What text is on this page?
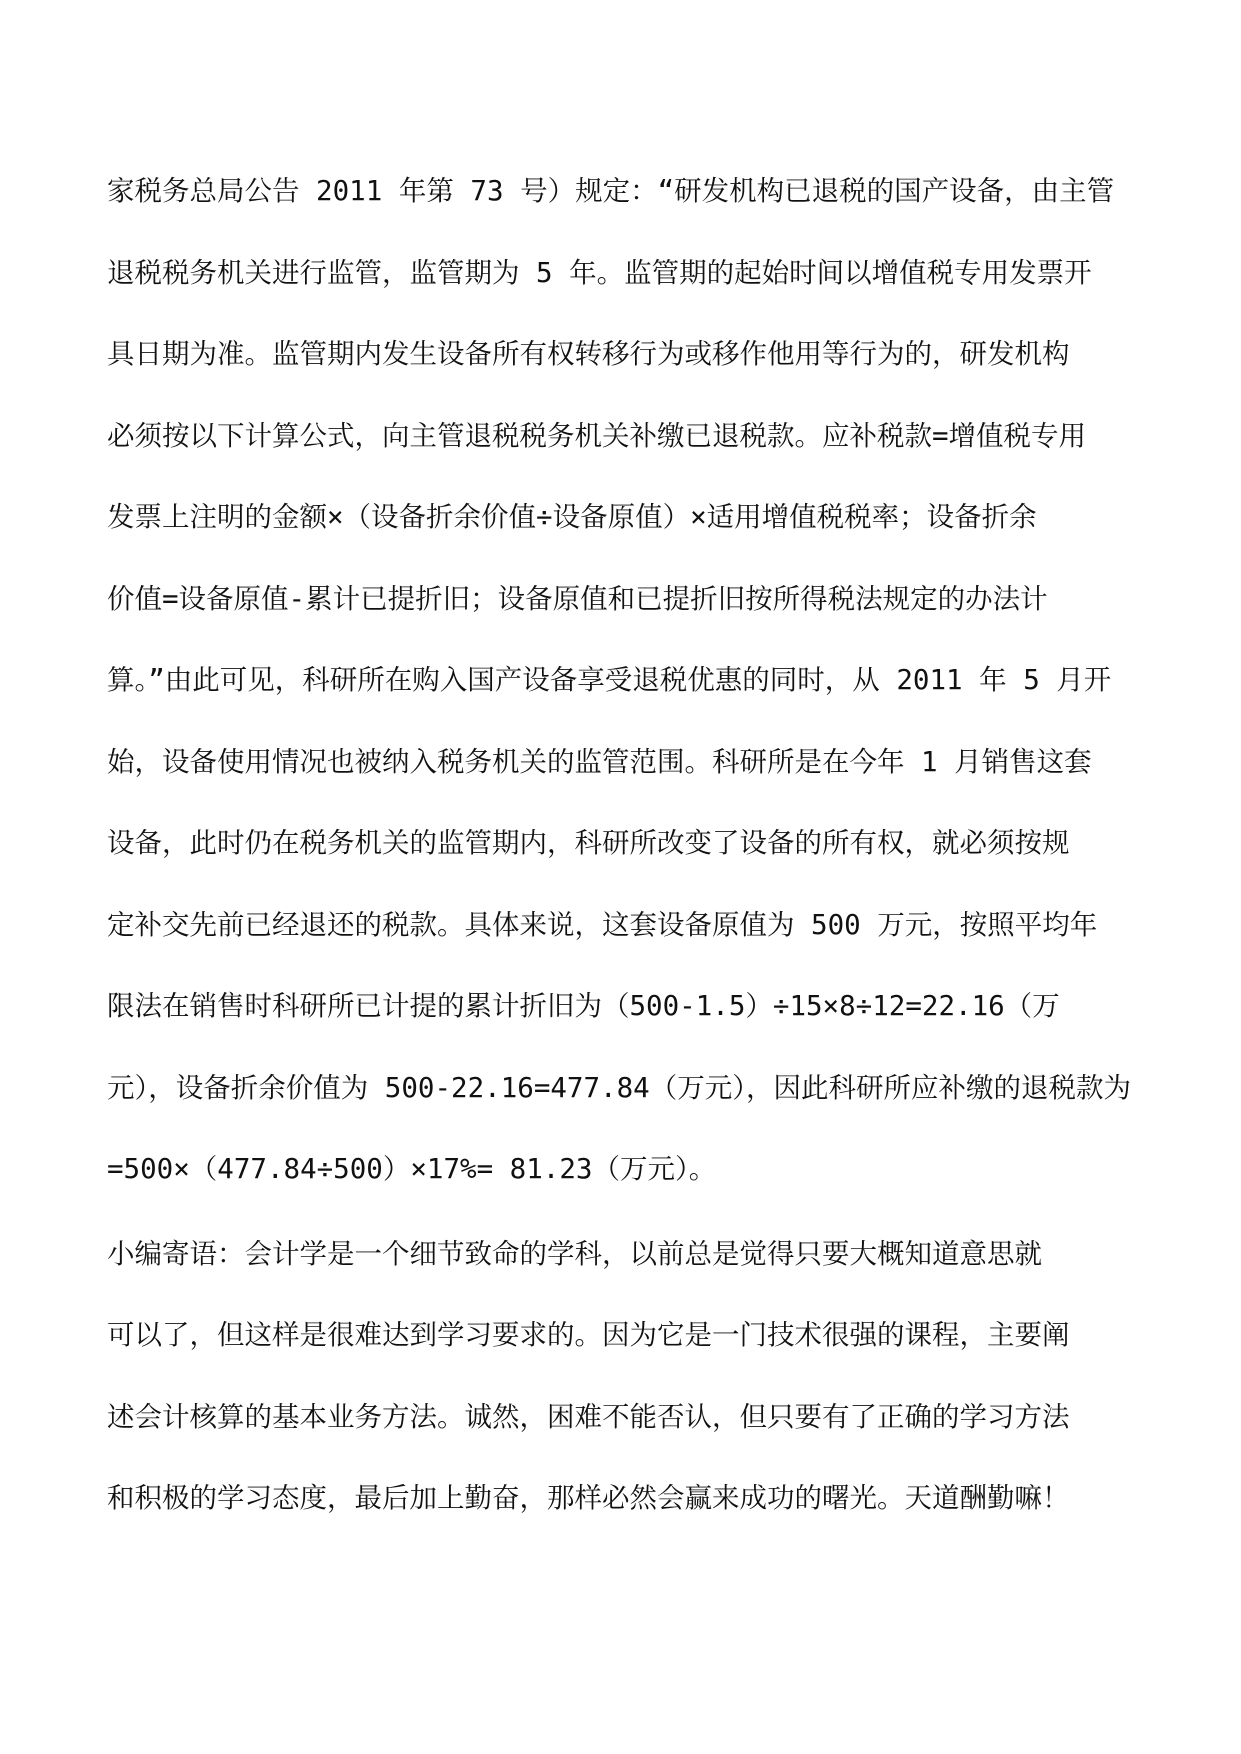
家税务总局公告 2011 年第 73 号）规定：“研发机构已退税的国产设备，由主管
退税税务机关进行监管，监管期为 5 年。监管期的起始时间以增值税专用发票开
具日期为准。监管期内发生设备所有权转移行为或移作他用等行为的，研发机构
必须按以下计算公式，向主管退税税务机关补缴已退税款。应补税款=增值税专用
发票上注明的金额×（设备折余价值÷设备原值）×适用增值税税率；设备折余
价值=设备原值-累计已提折旧；设备原值和已提折旧按所得税法规定的办法计
算。”由此可见，科研所在购入国产设备享受退税优惠的同时，从 2011 年 5 月开
始，设备使用情况也被纳入税务机关的监管范围。科研所是在今年 1 月销售这套
设备，此时仍在税务机关的监管期内，科研所改变了设备的所有权，就必须按规
定补交先前已经退还的税款。具体来说，这套设备原值为 500 万元，按照平均年
限法在销售时科研所已计提的累计折旧为（500-1.5）÷15×8÷12=22.16（万
元），设备折余价值为 500-22.16=477.84（万元），因此科研所应补缴的退税款为
=500×（477.84÷500）×17%= 81.23（万元）。
小编寄语：会计学是一个细节致命的学科，以前总是觉得只要大概知道意思就
可以了，但这样是很难达到学习要求的。因为它是一门技术很强的课程，主要阐
述会计核算的基本业务方法。诚然，困难不能否认，但只要有了正确的学习方法
和积极的学习态度，最后加上勤奋，那样必然会赢来成功的曙光。天道酬勤嘛！
